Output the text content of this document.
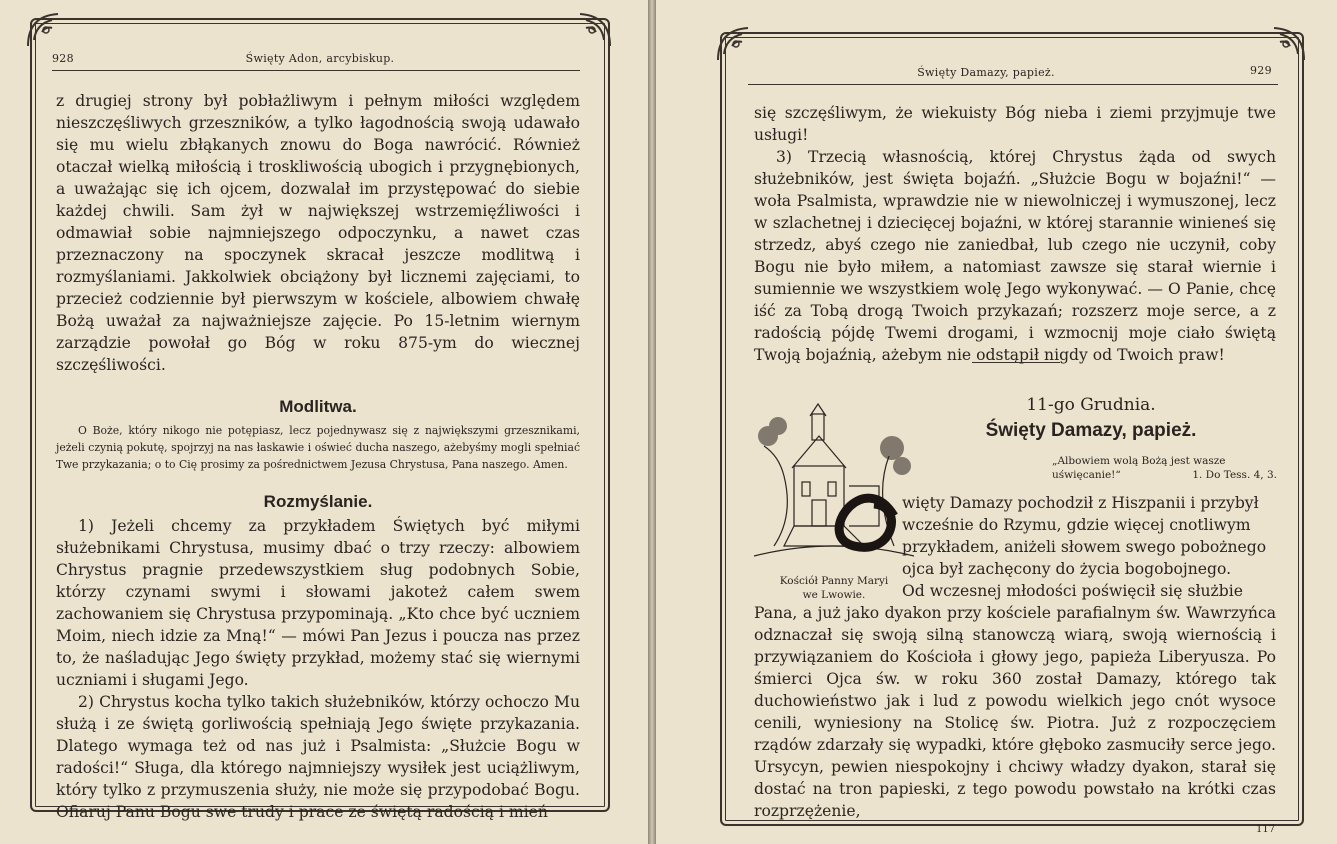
928	Święty Adon, arcybiskup.

z drugiej strony był pobłażliwym i pełnym miłości względem nieszczęśliwych grzeszników, a tylko łagodnością swoją udawało się mu wielu zbłąkanych znowu do Boga nawrócić. Również otaczał wielką miłością i troskliwością ubogich i przygnębionych, a uważając się ich ojcem, dozwalał im przystępować do siebie każdej chwili. Sam żył w największej wstrzemięźliwości i odmawiał sobie najmniejszego odpoczynku, a nawet czas przeznaczony na spoczynek skracał jeszcze modlitwą i rozmyślaniami. Jakkolwiek obciążony był licznemi zajęciami, to przecież codziennie był pierwszym w kościele, albowiem chwałę Bożą uważał za najważniejsze zajęcie. Po 15-letnim wiernym zarządzie powołał go Bóg w roku 875-ym do wiecznej szczęśliwości.

Modlitwa.

O Boże, który nikogo nie potępiasz, lecz pojednywasz się z największymi grzesznikami, jeżeli czynią pokutę, spojrzyj na nas łaskawie i oświeć ducha naszego, ażebyśmy mogli spełniać Twe przykazania; o to Cię prosimy za pośrednictwem Jezusa Chrystusa, Pana naszego. Amen.

Rozmyślanie.

1) Jeżeli chcemy za przykładem Świętych być miłymi służebnikami Chrystusa, musimy dbać o trzy rzeczy: albowiem Chrystus pragnie przedewszystkiem sług podobnych Sobie, którzy czynami swymi i słowami jakoteż całem swem zachowaniem się Chrystusa przypominają. „Kto chce być uczniem Moim, niech idzie za Mną!“ — mówi Pan Jezus i poucza nas przez to, że naśladując Jego święty przykład, możemy stać się wiernymi uczniami i sługami Jego.

2) Chrystus kocha tylko takich służebników, którzy ochoczo Mu służą i ze świętą gorliwością spełniają Jego święte przykazania. Dlatego wymaga też od nas już i Psalmista: „Służcie Bogu w radości!“ Sługa, dla którego najmniejszy wysiłek jest uciążliwym, który tylko z przymuszenia służy, nie może się przypodobać Bogu. Ofiaruj Panu Bogu swe trudy i prace ze świętą radością i mień

Święty Damazy, papież.	929

się szczęśliwym, że wiekuisty Bóg nieba i ziemi przyjmuje twe usługi!

3) Trzecią własnością, której Chrystus żąda od swych służebników, jest święta bojaźń. „Służcie Bogu w bojaźni!“ — woła Psalmista, wprawdzie nie w niewolniczej i wymuszonej, lecz w szlachetnej i dziecięcej bojaźni, w której starannie winieneś się strzedz, abyś czego nie zaniedbał, lub czego nie uczynił, coby Bogu nie było miłem, a natomiast zawsze się starał wiernie i sumiennie we wszystkiem wolę Jego wykonywać. — O Panie, chcę iść za Tobą drogą Twoich przykazań; rozszerz moje serce, a z radością pójdę Twemi drogami, i wzmocnij moje ciało świętą Twoją bojaźnią, ażebym nie odstąpił nigdy od Twoich praw!

11-go Grudnia.
Święty Damazy, papież.
„Albowiem wolą Bożą jest wasze uświęcanie!“	1. Do Tess. 4, 3.
Kościół Panny Maryi
we Lwowie.
więty Damazy pochodził z Hiszpanii i przybył
wcześnie do Rzymu, gdzie więcej cnotliwym
przykładem, aniżeli słowem swego pobożnego
ojca był zachęcony do życia bogobojnego.
Od wczesnej młodości poświęcił się służbie

Pana, a już jako dyakon przy kościele parafialnym św. Wawrzyńca odznaczał się swoją silną stanowczą wiarą, swoją wiernością i przywiązaniem do Kościoła i głowy jego, papieża Liberyusza. Po śmierci Ojca św. w roku 360 został Damazy, którego tak duchowieństwo jak i lud z powodu wielkich jego cnót wysoce cenili, wyniesiony na Stolicę św. Piotra. Już z rozpoczęciem rządów zdarzały się wypadki, które głęboko zasmuciły serce jego. Ursycyn, pewien niespokojny i chciwy władzy dyakon, starał się dostać na tron papieski, z tego powodu powstało na krótki czas rozprzężenie,

117
